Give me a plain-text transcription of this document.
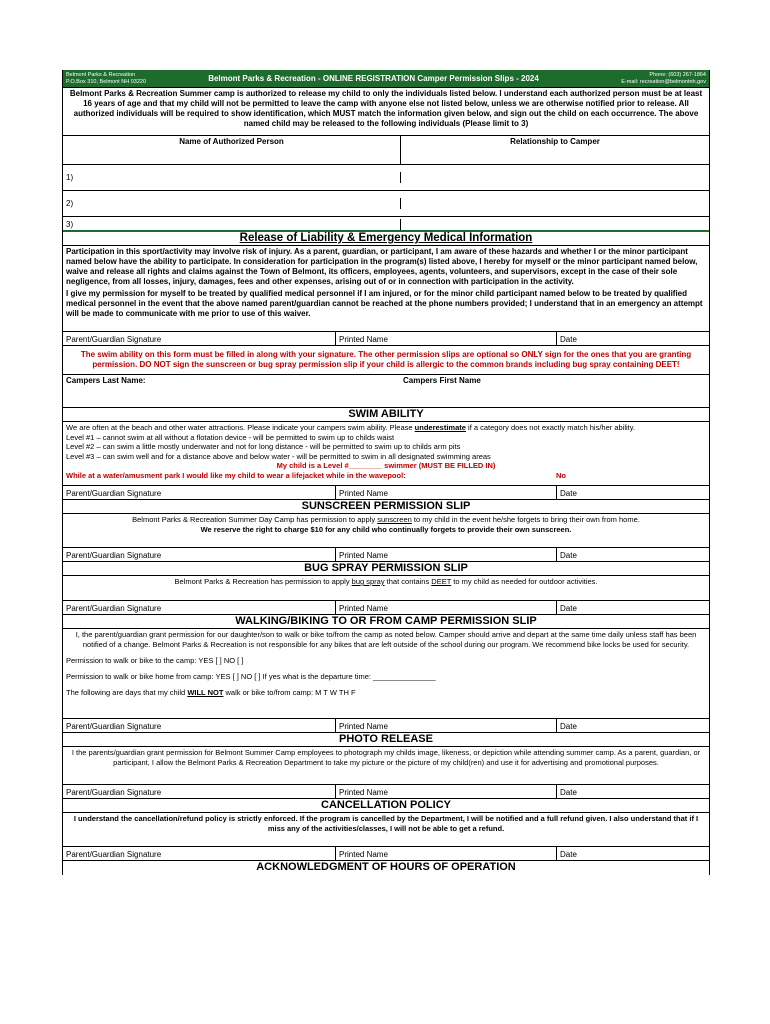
Belmont Parks & Recreation
P.O.Box 310, Belmont NH 03220	Belmont Parks & Recreation - ONLINE REGISTRATION Camper Permission Slips - 2024	Phone: (603) 267-1864
E-mail: recreation@belmontnh.gov
Belmont Parks & Recreation Summer camp is authorized to release my child to only the individuals listed below. I understand each authorized person must be at least 16 years of age and that my child will not be permitted to leave the camp with anyone else not listed below, unless we are otherwise notified prior to release. All authorized individuals will be required to show identification, which MUST match the information given below, and sign out the child on each occurrence. The above named child may be released to the following individuals (Please limit to 3)
Name of Authorized Person	Relationship to Camper
1)
2)
3)
Release of Liability & Emergency Medical Information
Participation in this sport/activity may involve risk of injury. As a parent, guardian, or participant, I am aware of these hazards and whether I or the minor participant named below have the ability to participate. In consideration for participation in the program(s) listed above, I hereby for myself or the minor participant named below, waive and release all rights and claims against the Town of Belmont, its officers, employees, agents, volunteers, and supervisors, except in the case of their sole negligence, from all losses, injury, damages, fees and other expenses, arising out of or in connection with participation in the activity.
I give my permission for myself to be treated by qualified medical personnel if I am injured, or for the minor child participant named below to be treated by qualified medical personnel in the event that the above named parent/guardian cannot be reached at the phone numbers provided; I understand that in an emergency an attempt will be made to communicate with me prior to use of this waiver.
Parent/Guardian Signature	Printed Name	Date
The swim ability on this form must be filled in along with your signature. The other permission slips are optional so ONLY sign for the ones that you are granting permission. DO NOT sign the sunscreen or bug spray permission slip if your child is allergic to the common brands including bug spray containing DEET!
Campers Last Name:	Campers First Name
SWIM ABILITY
We are often at the beach and other water attractions. Please indicate your campers swim ability. Please underestimate if a category does not exactly match his/her ability.
Level #1 – cannot swim at all without a flotation device - will be permitted to swim up to childs waist
Level #2 – can swim a little mostly underwater and not for long distance - will be permitted to swim up to childs arm pits
Level #3 – can swim well and for a distance above and below water - will be permitted to swim in all designated swimming areas
My child is a Level #________ swimmer (MUST BE FILLED IN)
While at a water/amusment park I would like my child to wear a lifejacket while in the wavepool:	No
Parent/Guardian Signature	Printed Name	Date
SUNSCREEN PERMISSION SLIP
Belmont Parks & Recreation Summer Day Camp has permission to apply sunscreen to my child in the event he/she forgets to bring their own from home.
We reserve the right to charge $10 for any child who continually forgets to provide their own sunscreen.
Parent/Guardian Signature	Printed Name	Date
BUG SPRAY PERMISSION SLIP
Belmont Parks & Recreation has permission to apply bug spray that contains DEET to my child as needed for outdoor activities.
Parent/Guardian Signature	Printed Name	Date
WALKING/BIKING TO OR FROM CAMP PERMISSION SLIP
I, the parent/guardian grant permission for our daughter/son to walk or bike to/from the camp as noted below. Camper should arrive and depart at the same time daily unless staff has been notified of a change. Belmont Parks & Recreation is not responsible for any bikes that are left outside of the school during our program. We recommend bike locks be used for security.
Permission to walk or bike to the camp: YES [ ] NO [ ]
Permission to walk or bike home from camp: YES [ ] NO [ ] If yes what is the departure time: _______________
The following are days that my child WILL NOT walk or bike to/from camp: M T W TH F
Parent/Guardian Signature	Printed Name	Date
PHOTO RELEASE
I the parents/guardian grant permission for Belmont Summer Camp employees to photograph my childs image, likeness, or depiction while attending summer camp. As a parent, guardian, or participant, I allow the Belmont Parks & Recreation Department to take my picture or the picture of my child(ren) and use it for advertising and promotional purposes.
Parent/Guardian Signature	Printed Name	Date
CANCELLATION POLICY
I understand the cancellation/refund policy is strictly enforced. If the program is cancelled by the Department, I will be notified and a full refund given. I also understand that if I miss any of the activities/classes, I will not be able to get a refund.
Parent/Guardian Signature	Printed Name	Date
ACKNOWLEDGMENT OF HOURS OF OPERATION
